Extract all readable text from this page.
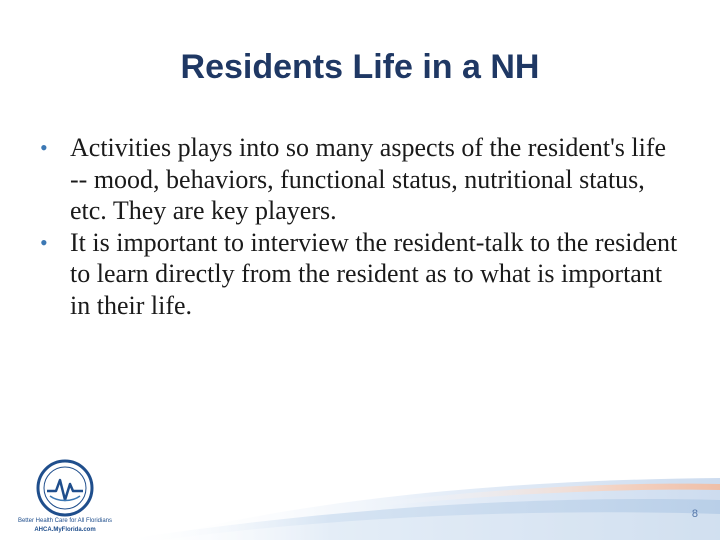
Residents Life in a NH
• Activities plays into so many aspects of the resident's life -- mood, behaviors, functional status, nutritional status, etc. They are key players.
• It is important to interview the resident-talk to the resident to learn directly from the resident as to what is important in their life.
Better Health Care for All Floridians
AHCA.MyFlorida.com
8
